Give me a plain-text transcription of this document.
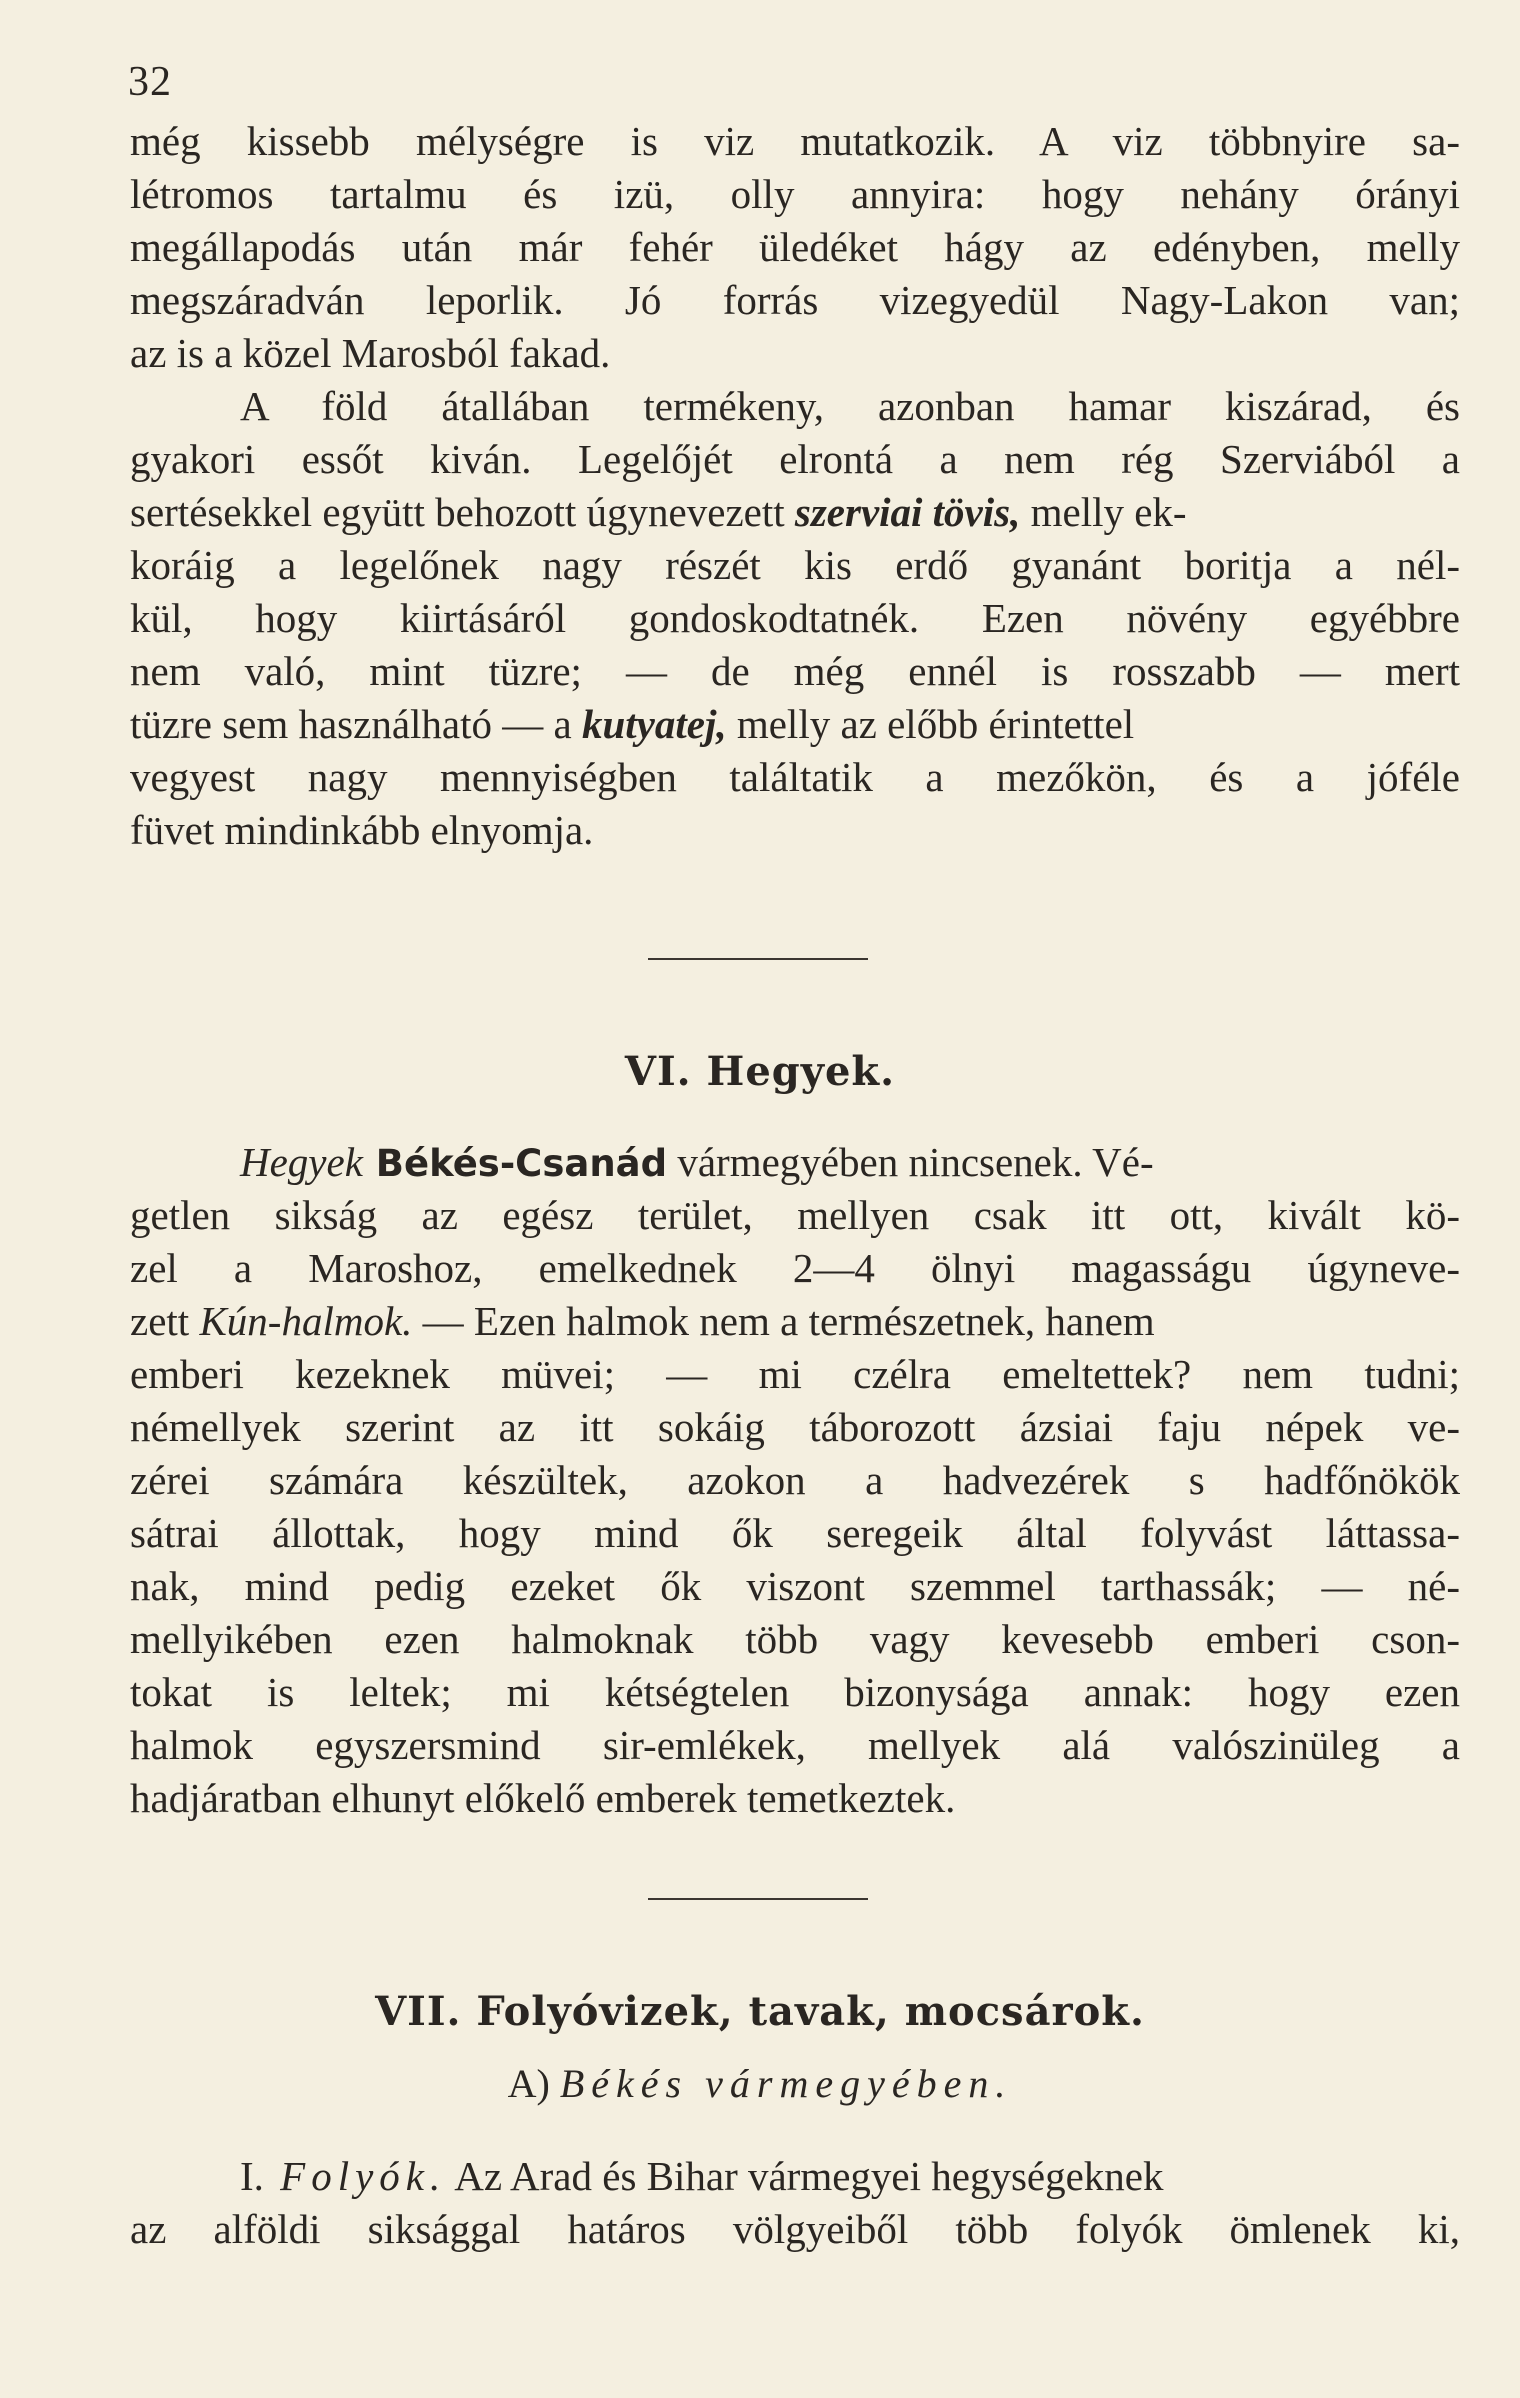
32
még kissebb mélységre is viz mutatkozik. A viz többnyire sa-
létromos tartalmu és izü, olly annyira: hogy nehány órányi
megállapodás után már fehér üledéket hágy az edényben, melly
megszáradván leporlik. Jó forrás vizegyedül Nagy-Lakon van;
az is a közel Marosból fakad.
A föld átallában termékeny, azonban hamar kiszárad, és
gyakori essőt kiván. Legelőjét elrontá a nem rég Szerviából a
sertésekkel együtt behozott úgynevezett szerviai tövis, melly ek-
koráig a legelőnek nagy részét kis erdő gyanánt boritja a nél-
kül, hogy kiirtásáról gondoskodtatnék. Ezen növény egyébbre
nem való, mint tüzre; — de még ennél is rosszabb — mert
tüzre sem használható — a kutyatej, melly az előbb érintettel
vegyest nagy mennyiségben találtatik a mezőkön, és a jóféle
füvet mindinkább elnyomja.
VI. Hegyek.
Hegyek Békés-Csanád vármegyében nincsenek. Vé-
getlen sikság az egész terület, mellyen csak itt ott, kivált kö-
zel a Maroshoz, emelkednek 2—4 ölnyi magasságu úgyneve-
zett Kún-halmok. — Ezen halmok nem a természetnek, hanem
emberi kezeknek müvei; — mi czélra emeltettek? nem tudni;
némellyek szerint az itt sokáig táborozott ázsiai faju népek ve-
zérei számára készültek, azokon a hadvezérek s hadfőnökök
sátrai állottak, hogy mind ők seregeik által folyvást láttassa-
nak, mind pedig ezeket ők viszont szemmel tarthassák; — né-
mellyikében ezen halmoknak több vagy kevesebb emberi cson-
tokat is leltek; mi kétségtelen bizonysága annak: hogy ezen
halmok egyszersmind sir-emlékek, mellyek alá valószinüleg a
hadjáratban elhunyt előkelő emberek temetkeztek.
VII. Folyóvizek, tavak, mocsárok.
A) Békés vármegyében.
I. Folyók. Az Arad és Bihar vármegyei hegységeknek
az alföldi siksággal határos völgyeiből több folyók ömlenek ki,
